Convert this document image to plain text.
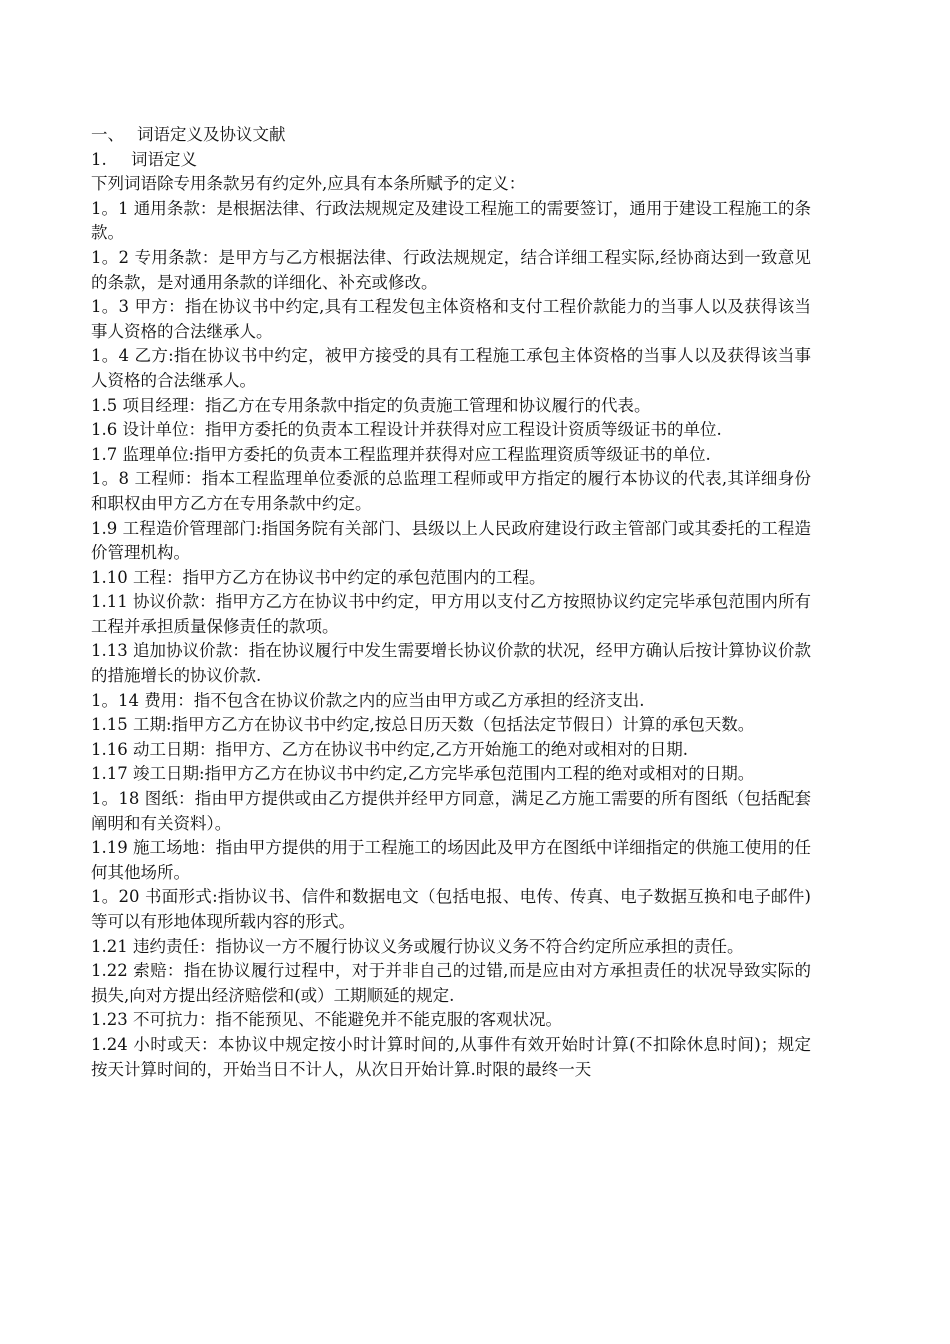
一、 词语定义及协议文献

1. 词语定义

下列词语除专用条款另有约定外,应具有本条所赋予的定义：

1。1 通用条款：是根据法律、行政法规规定及建设工程施工的需要签订，通用于建设工程施工的条款。

1。2 专用条款：是甲方与乙方根据法律、行政法规规定，结合详细工程实际,经协商达到一致意见的条款，是对通用条款的详细化、补充或修改。

1。3 甲方：指在协议书中约定,具有工程发包主体资格和支付工程价款能力的当事人以及获得该当事人资格的合法继承人。

1。4 乙方:指在协议书中约定，被甲方接受的具有工程施工承包主体资格的当事人以及获得该当事人资格的合法继承人。

1.5 项目经理：指乙方在专用条款中指定的负责施工管理和协议履行的代表。

1.6 设计单位：指甲方委托的负责本工程设计并获得对应工程设计资质等级证书的单位.

1.7 监理单位:指甲方委托的负责本工程监理并获得对应工程监理资质等级证书的单位.

1。8 工程师：指本工程监理单位委派的总监理工程师或甲方指定的履行本协议的代表,其详细身份和职权由甲方乙方在专用条款中约定。

1.9 工程造价管理部门:指国务院有关部门、县级以上人民政府建设行政主管部门或其委托的工程造价管理机构。

1.10 工程：指甲方乙方在协议书中约定的承包范围内的工程。

1.11 协议价款：指甲方乙方在协议书中约定，甲方用以支付乙方按照协议约定完毕承包范围内所有工程并承担质量保修责任的款项。

1.13 追加协议价款：指在协议履行中发生需要增长协议价款的状况，经甲方确认后按计算协议价款的措施增长的协议价款.

1。14 费用：指不包含在协议价款之内的应当由甲方或乙方承担的经济支出.

1.15 工期:指甲方乙方在协议书中约定,按总日历天数（包括法定节假日）计算的承包天数。

1.16 动工日期：指甲方、乙方在协议书中约定,乙方开始施工的绝对或相对的日期.

1.17 竣工日期:指甲方乙方在协议书中约定,乙方完毕承包范围内工程的绝对或相对的日期。

1。18 图纸：指由甲方提供或由乙方提供并经甲方同意，满足乙方施工需要的所有图纸（包括配套阐明和有关资料）。

1.19 施工场地：指由甲方提供的用于工程施工的场因此及甲方在图纸中详细指定的供施工使用的任何其他场所。

1。20 书面形式:指协议书、信件和数据电文（包括电报、电传、传真、电子数据互换和电子邮件)等可以有形地体现所载内容的形式。

1.21 违约责任：指协议一方不履行协议义务或履行协议义务不符合约定所应承担的责任。

1.22 索赔：指在协议履行过程中，对于并非自己的过错,而是应由对方承担责任的状况导致实际的损失,向对方提出经济赔偿和(或）工期顺延的规定.

1.23 不可抗力：指不能预见、不能避免并不能克服的客观状况。

1.24 小时或天：本协议中规定按小时计算时间的,从事件有效开始时计算(不扣除休息时间)；规定按天计算时间的，开始当日不计人，从次日开始计算.时限的最终一天
